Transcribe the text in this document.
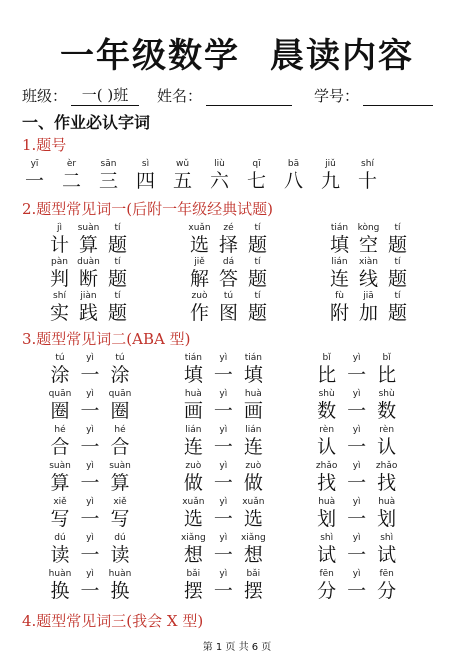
一年级数学 晨读内容
班级： 一( )班	姓名：	学号：
一、作业必认字词
1.题号
yī
一
èr
二
sān
三
sì
四
wǔ
五
liù
六
qī
七
bā
八
jiǔ
九
shí
十
2.题型常见词一(后附一年级经典试题)
jì
计
suàn
算
tí
题
xuǎn
选
zé
择
tí
题
tián
填
kòng
空
tí
题
pàn
判
duàn
断
tí
题
jiě
解
dá
答
tí
题
lián
连
xiàn
线
tí
题
shí
实
jiàn
践
tí
题
zuò
作
tú
图
tí
题
fù
附
jiā
加
tí
题
3.题型常见词二(ABA 型)
tú
涂
yì
一
tú
涂
tián
填
yì
一
tián
填
bǐ
比
yì
一
bǐ
比
quān
圈
yì
一
quān
圈
huà
画
yì
一
huà
画
shù
数
yì
一
shù
数
hé
合
yì
一
hé
合
lián
连
yì
一
lián
连
rèn
认
yì
一
rèn
认
suàn
算
yì
一
suàn
算
zuò
做
yì
一
zuò
做
zhǎo
找
yì
一
zhǎo
找
xiě
写
yì
一
xiě
写
xuǎn
选
yì
一
xuǎn
选
huà
划
yì
一
huà
划
dú
读
yì
一
dú
读
xiǎng
想
yì
一
xiǎng
想
shì
试
yì
一
shì
试
huàn
换
yì
一
huàn
换
bǎi
摆
yì
一
bǎi
摆
fēn
分
yì
一
fēn
分
4.题型常见词三(我会 X 型)
第 1 页 共 6 页
